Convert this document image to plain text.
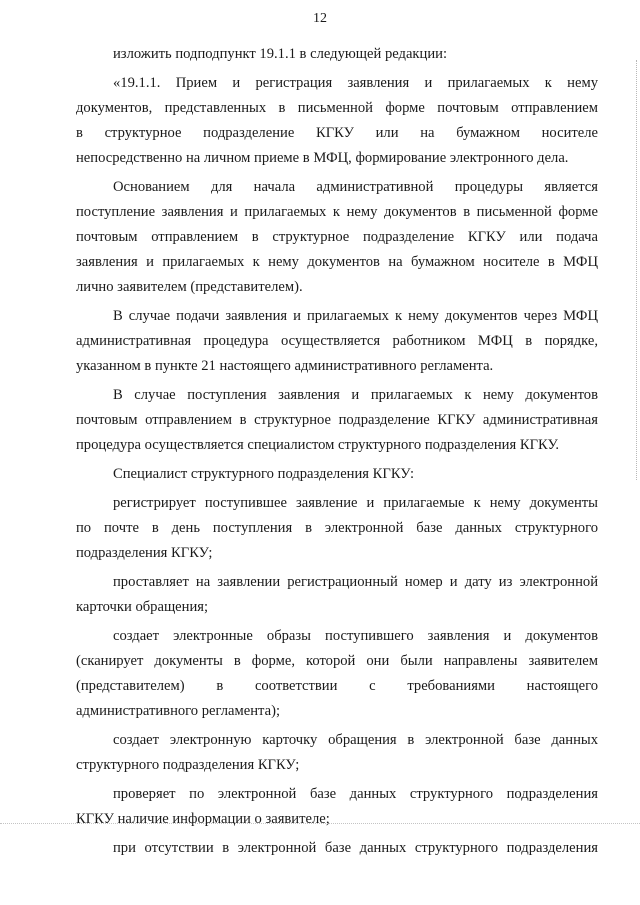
12
изложить подподпункт 19.1.1 в следующей редакции:
«19.1.1. Прием и регистрация заявления и прилагаемых к нему
документов, представленных в письменной форме почтовым отправлением
в структурное подразделение КГКУ или на бумажном носителе
непосредственно на личном приеме в МФЦ, формирование электронного дела.
Основанием для начала административной процедуры является
поступление заявления и прилагаемых к нему документов в письменной форме
почтовым отправлением в структурное подразделение КГКУ или подача
заявления и прилагаемых к нему документов на бумажном носителе в МФЦ
лично заявителем (представителем).
В случае подачи заявления и прилагаемых к нему документов через МФЦ
административная процедура осуществляется работником МФЦ в порядке,
указанном в пункте 21 настоящего административного регламента.
В случае поступления заявления и прилагаемых к нему документов
почтовым отправлением в структурное подразделение КГКУ административная
процедура осуществляется специалистом структурного подразделения КГКУ.
Специалист структурного подразделения КГКУ:
регистрирует поступившее заявление и прилагаемые к нему документы
по почте в день поступления в электронной базе данных структурного
подразделения КГКУ;
проставляет на заявлении регистрационный номер и дату из электронной
карточки обращения;
создает электронные образы поступившего заявления и документов
(сканирует документы в форме, которой они были направлены заявителем
(представителем) в соответствии с требованиями настоящего
административного регламента);
создает электронную карточку обращения в электронной базе данных
структурного подразделения КГКУ;
проверяет по электронной базе данных структурного подразделения
КГКУ наличие информации о заявителе;
при отсутствии в электронной базе данных структурного подразделения
